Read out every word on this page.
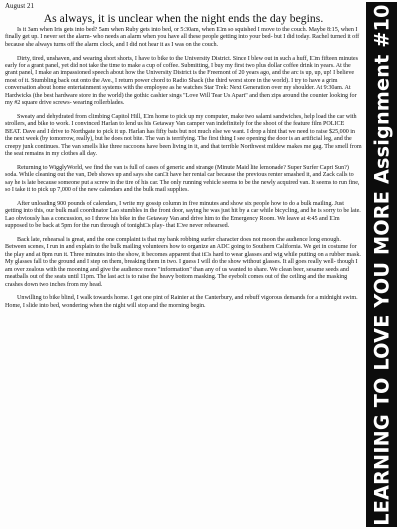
August 21
As always, it is unclear when the night ends the day begins.

Is it 3am when Iris gets into bed? 5am when Ruby gets into bed, or 5:30am, when I□m so squished I move to the couch. Maybe 8:15, when I finally get up. I never set the alarm- who needs an alarm when you have all these people getting into your bed- but I did today. Rachel turned it off because she always turns off the alarm clock, and I did not hear it as I was on the couch.

Dirty, tired, unshaven, and wearing short shorts, I have to bike to the University District. Since I blew out in such a huff, I□m fifteen minutes early for a grant panel, yet did not take the time to make a cup of coffee. Submitting, I buy my first two plus dollar coffee drink in years. At the grant panel, I make an impassioned speech about how the University District is the Freemont of 20 years ago, and the arc is up, up, up! I believe most of it. Stumbling back out onto the Ave., I return power chord to Radio Shack (the third worst store in the world). I try to have a grim conversation about home entertainment systems with the employee as he watches Star Trek: Next Generation over my shoulder. At 9:30am. At Hardwicks (the best hardware store in the world) the gothic cashier sings "Love Will Tear Us Apart" and then zips around the counter looking for my #2 square drive screws- wearing rollerblades.

Sweaty and dehydrated from climbing Capitol Hill, I□m home to pick up my computer, make two salami sandwiches, help load the car with strollers, and bike to work. I convinced Harlan to lend us his Getaway Van camper van indefinitely for the shoot of the feature film POLICE BEAT. Dave and I drive to Northgate to pick it up. Harlan has fifty bats but not much else we want. I drop a hint that we need to raise $25,000 in the next week (by tomorrow, really), but he does not bite. The van is terrifying. The first thing I see opening the door is an artificial leg, and the creepy junk continues. The van smells like three raccoons have been living in it, and that terrible Northwest mildew makes me gag. The smell from the seat remains in my clothes all day.

Returning to WigglyWorld, we find the van is full of cases of generic and strange (Minute Maid lite lemonade? Super Surfer Capri Sun?) soda. While cleaning out the van, Deb shows up and says she can□t have her rental car because the previous renter smashed it, and Zack calls to say he is late because someone put a screw in the tire of his car. The only running vehicle seems to be the newly acquired van. It seems to run fine, so I take it to pick up 7,000 of the new calendars and the bulk mail supplies.

After unloading 900 pounds of calendars, I write my gossip column in five minutes and show six people how to do a bulk mailing. Just getting into this, our bulk mail coordinator Lao stumbles in the front door, saying he was just hit by a car while bicycling, and he is sorry to be late. Lao obviously has a concussion, so I throw his bike in the Getaway Van and drive him to the Emergency Room. We leave at 4:45 and I□m supposed to be back at 5pm for the run through of tonight□s play- that I□ve never rehearsed.

Back late, rehearsal is great, and the one complaint is that my bank robbing surfer character does not moon the audience long enough. Between scenes, I run in and explain to the bulk mailing volunteers how to organize an ADC going to Southern California. We get in costume for the play and at 8pm run it. Three minutes into the show, it becomes apparent that it□s hard to wear glasses and wig while putting on a rubber mask. My glasses fall to the ground and I step on them, breaking them in two. I guess I will do the show without glasses. It all goes really well- though I am over zealous with the mooning and give the audience more "information" than any of us wanted to share. We clean beer, sesame seeds and meatballs out of the seats until 11pm. The last act is to raise the heavy bottom masking. The eyebolt comes out of the ceiling and the masking crashes down two inches from my head.

Unwilling to bike blind, I walk towards home. I get one pint of Rainier at the Canterbury, and rebuff vigorous demands for a midnight swim. Home, I slide into bed, wondering when the night will stop and the morning begin.	LEARNING TO LOVE YOU MORE Assignment #10
